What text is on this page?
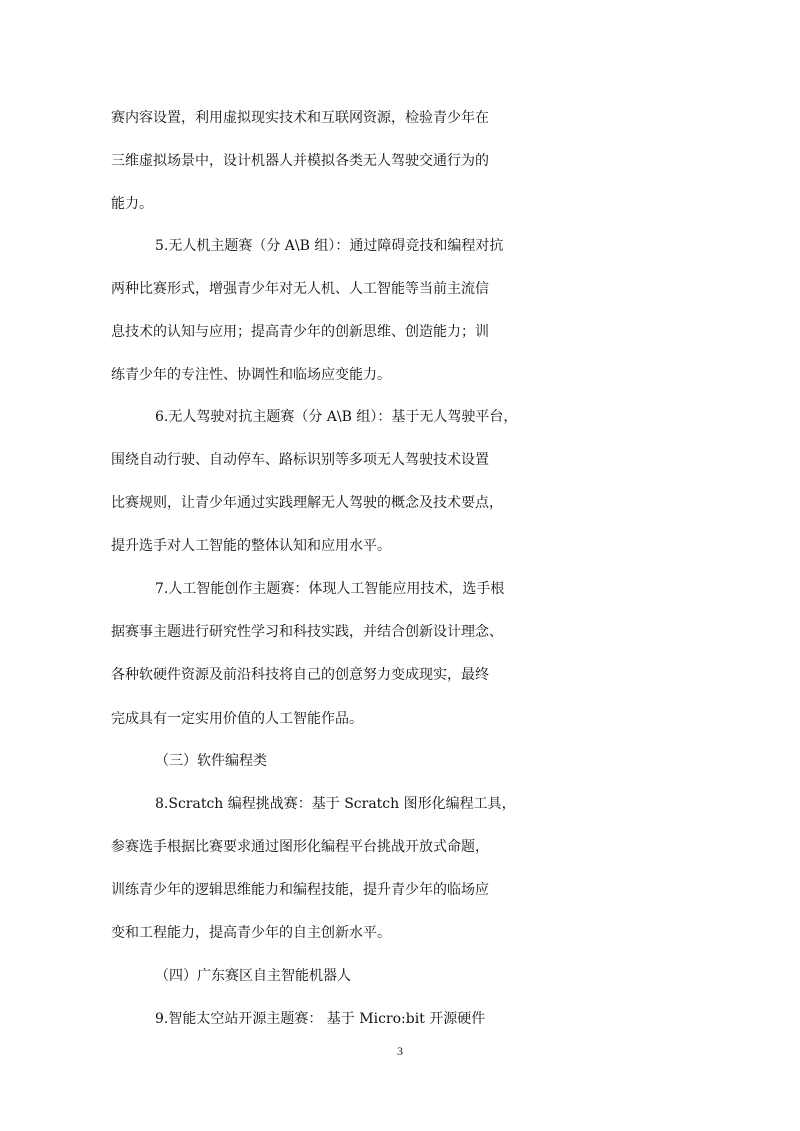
赛内容设置，利用虚拟现实技术和互联网资源，检验青少年在
三维虚拟场景中，设计机器人并模拟各类无人驾驶交通行为的
能力。
5.无人机主题赛（分 A\B 组）：通过障碍竞技和编程对抗
两种比赛形式，增强青少年对无人机、人工智能等当前主流信
息技术的认知与应用；提高青少年的创新思维、创造能力；训
练青少年的专注性、协调性和临场应变能力。
6.无人驾驶对抗主题赛（分 A\B 组）：基于无人驾驶平台，
围绕自动行驶、自动停车、路标识别等多项无人驾驶技术设置
比赛规则，让青少年通过实践理解无人驾驶的概念及技术要点，
提升选手对人工智能的整体认知和应用水平。
7.人工智能创作主题赛：体现人工智能应用技术，选手根
据赛事主题进行研究性学习和科技实践，并结合创新设计理念、
各种软硬件资源及前沿科技将自己的创意努力变成现实，最终
完成具有一定实用价值的人工智能作品。
（三）软件编程类
8.Scratch 编程挑战赛：基于 Scratch 图形化编程工具，
参赛选手根据比赛要求通过图形化编程平台挑战开放式命题，
训练青少年的逻辑思维能力和编程技能，提升青少年的临场应
变和工程能力，提高青少年的自主创新水平。
（四）广东赛区自主智能机器人
9.智能太空站开源主题赛： 基于 Micro:bit 开源硬件
3
